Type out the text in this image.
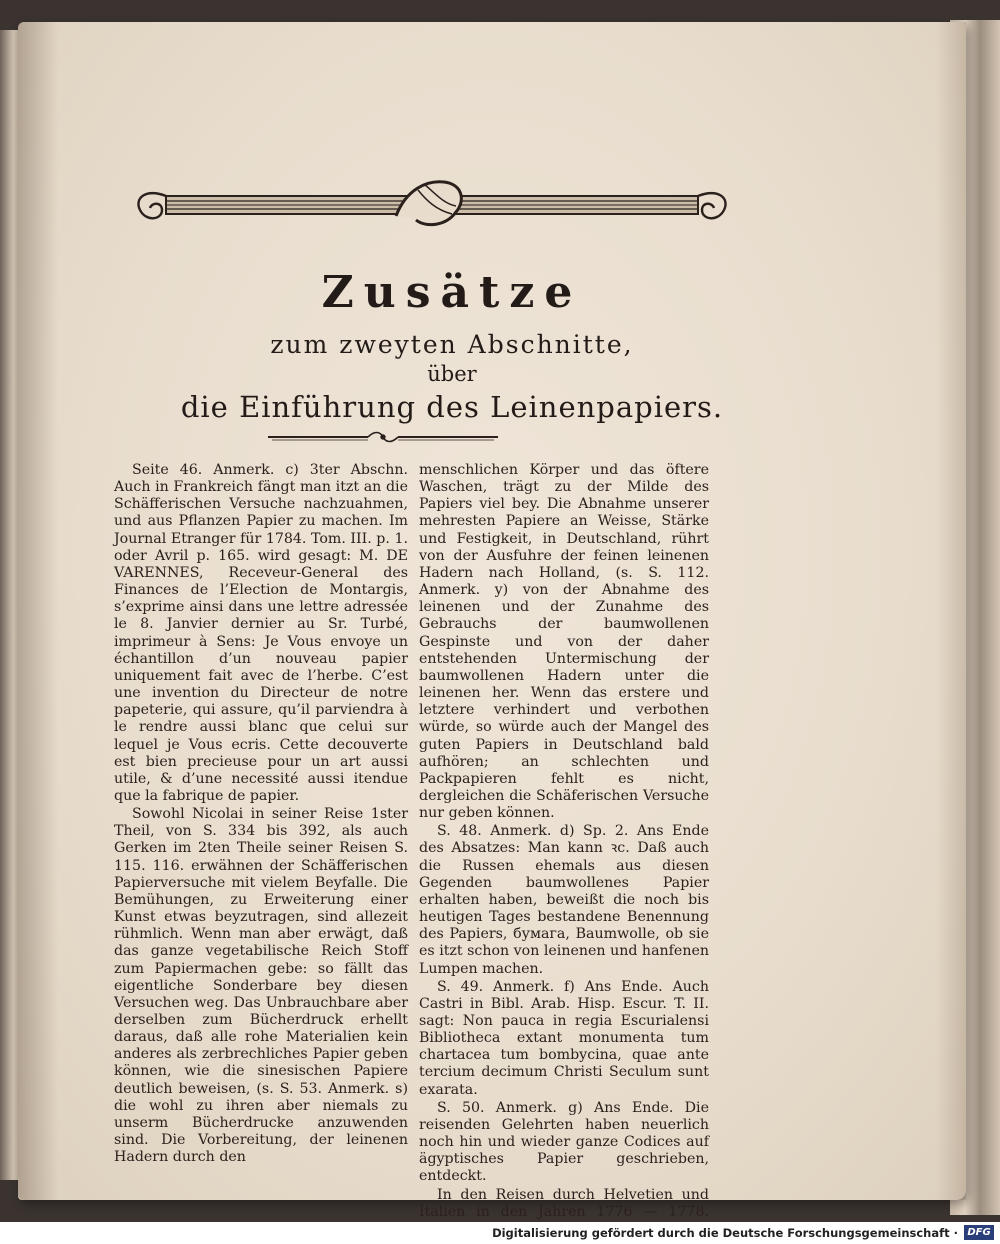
Zusätze
zum zweyten Abschnitte,
über
die Einführung des Leinenpapiers.

Seite 46. Anmerk. c) 3ter Abschn. Auch in Frankreich fängt man itzt an die Schäfferischen Versuche nachzuahmen, und aus Pflanzen Papier zu machen. Im Journal Etranger für 1784. Tom. III. p. 1. oder Avril p. 165. wird gesagt: M. DE VARENNES, Receveur-General des Finances de l’Election de Montargis, s’exprime ainsi dans une lettre adressée le 8. Janvier dernier au Sr. Turbé, imprimeur à Sens: Je Vous envoye un échantillon d’un nouveau papier uniquement fait avec de l’herbe. C’est une invention du Directeur de notre papeterie, qui assure, qu’il parviendra à le rendre aussi blanc que celui sur lequel je Vous ecris. Cette decouverte est bien precieuse pour un art aussi utile, & d’une necessité aussi itendue que la fabrique de papier.

Sowohl Nicolai in seiner Reise 1ster Theil, von S. 334 bis 392, als auch Gerken im 2ten Theile seiner Reisen S. 115. 116. erwähnen der Schäfferischen Papierversuche mit vielem Beyfalle. Die Bemühungen, zu Erweiterung einer Kunst etwas beyzutragen, sind allezeit rühmlich. Wenn man aber erwägt, daß das ganze vegetabilische Reich Stoff zum Papiermachen gebe: so fällt das eigentliche Sonderbare bey diesen Versuchen weg. Das Unbrauchbare aber derselben zum Bücherdruck erhellt daraus, daß alle rohe Materialien kein anderes als zerbrechliches Papier geben können, wie die sinesischen Papiere deutlich beweisen, (s. S. 53. Anmerk. s) die wohl zu ihren aber niemals zu unserm Bücherdrucke anzuwenden sind. Die Vorbereitung, der leinenen Hadern durch den

menschlichen Körper und das öftere Waschen, trägt zu der Milde des Papiers viel bey. Die Abnahme unserer mehresten Papiere an Weisse, Stärke und Festigkeit, in Deutschland, rührt von der Ausfuhre der feinen leinenen Hadern nach Holland, (s. S. 112. Anmerk. y) von der Abnahme des leinenen und der Zunahme des Gebrauchs der baumwollenen Gespinste und von der daher entstehenden Untermischung der baumwollenen Hadern unter die leinenen her. Wenn das erstere und letztere verhindert und verbothen würde, so würde auch der Mangel des guten Papiers in Deutschland bald aufhören; an schlechten und Packpapieren fehlt es nicht, dergleichen die Schäferischen Versuche nur geben können.

S. 48. Anmerk. d) Sp. 2. Ans Ende des Absatzes: Man kann ꝛc. Daß auch die Russen ehemals aus diesen Gegenden baumwollenes Papier erhalten haben, beweißt die noch bis heutigen Tages bestandene Benennung des Papiers, бумага, Baumwolle, ob sie es itzt schon von leinenen und hanfenen Lumpen machen.

S. 49. Anmerk. f) Ans Ende. Auch Castri in Bibl. Arab. Hisp. Escur. T. II. sagt: Non pauca in regia Escurialensi Bibliotheca extant monumenta tum chartacea tum bombycina, quae ante tercium decimum Christi Seculum sunt exarata.

S. 50. Anmerk. g) Ans Ende. Die reisenden Gelehrten haben neuerlich noch hin und wieder ganze Codices auf ägyptisches Papier geschrieben, entdeckt.

In den Reisen durch Helvetien und Italien in den Jahren 1776 — 1778.

Digitalisierung gefördert durch die Deutsche Forschungsgemeinschaft · DFG
